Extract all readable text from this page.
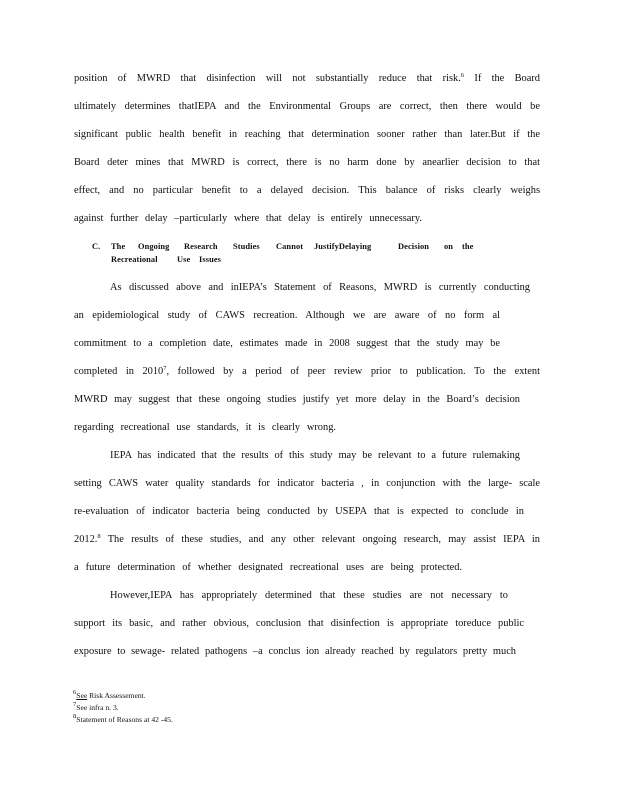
position of MWRD that disinfection will not substantially reduce that risk.$^6$ If the Board
ultimately determines thatIEPA and the Environmental Groups are correct, then there would be
significant public health benefit in reaching that determination sooner rather than later.But if the
Board deter mines that MWRD is correct, there is no harm done by anearlier decision to that
effect, and no particular benefit to a delayed decision. This balance of risks clearly weighs
against further delay –particularly where that delay is entirely unnecessary.
C. The Ongoing Research Studies Cannot JustifyDelaying	Decision on the
Recreational Use Issues
As discussed above and inIEPA’s Statement of Reasons, MWRD is currently conducting
an epidemiological study of CAWS recreation. Although we are aware of no form al
commitment to a completion date, estimates made in 2008 suggest that the study may be
completed in 2010$^7$, followed by a period of peer review prior to publication. To the extent
MWRD may suggest that these ongoing studies justify yet more delay in the Board’s decision
regarding recreational use standards, it is clearly wrong.
IEPA has indicated that the results of this study may be relevant to a future rulemaking
setting CAWS water quality standards for indicator bacteria , in conjunction with the large- scale
re-evaluation of indicator bacteria being conducted by USEPA that is expected to conclude in
2012.$^8$ The results of these studies, and any other relevant ongoing research, may assist IEPA in
a future determination of whether designated recreational uses are being protected.
However,IEPA has appropriately determined that these studies are not necessary to
support its basic, and rather obvious, conclusion that disinfection is appropriate toreduce public
exposure to sewage- related pathogens –a conclus ion already reached by regulators pretty much
$^6$See Risk Assessement.
$^7$See infra n. 3.
$^8$Statement of Reasons at 42 -45.
